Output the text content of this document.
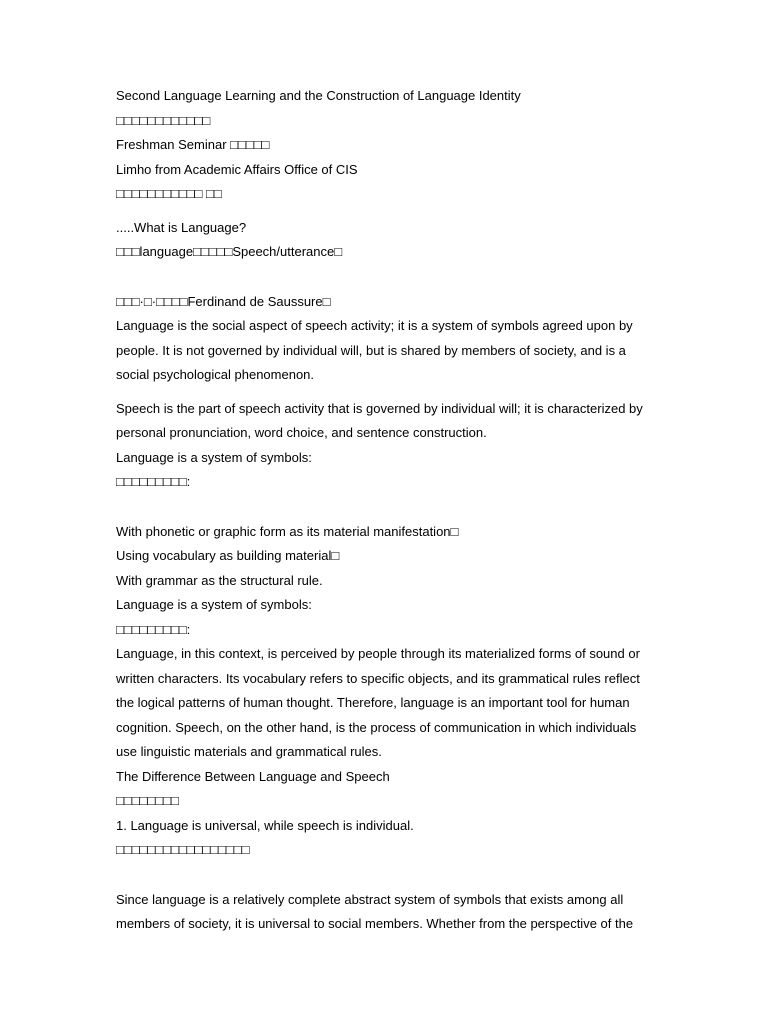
Second Language Learning and the Construction of Language Identity

□□□□□□□□□□□□

Freshman Seminar □□□□□

Limho from Academic Affairs Office of CIS

□□□□□□□□□□□ □□

.....What is Language?

□□□language□□□□□Speech/utterance□

□□□·□·□□□□Ferdinand de Saussure□

Language is the social aspect of speech activity; it is a system of symbols agreed upon by people. It is not governed by individual will, but is shared by members of society, and is a social psychological phenomenon.

Speech is the part of speech activity that is governed by individual will; it is characterized by personal pronunciation, word choice, and sentence construction.

Language is a system of symbols:

□□□□□□□□□:

With phonetic or graphic form as its material manifestation□

Using vocabulary as building material□

With grammar as the structural rule.

Language is a system of symbols:

□□□□□□□□□:

Language, in this context, is perceived by people through its materialized forms of sound or written characters. Its vocabulary refers to specific objects, and its grammatical rules reflect the logical patterns of human thought. Therefore, language is an important tool for human cognition. Speech, on the other hand, is the process of communication in which individuals use linguistic materials and grammatical rules.

The Difference Between Language and Speech

□□□□□□□□

1. Language is universal, while speech is individual.

□□□□□□□□□□□□□□□□□

Since language is a relatively complete abstract system of symbols that exists among all members of society, it is universal to social members. Whether from the perspective of the
